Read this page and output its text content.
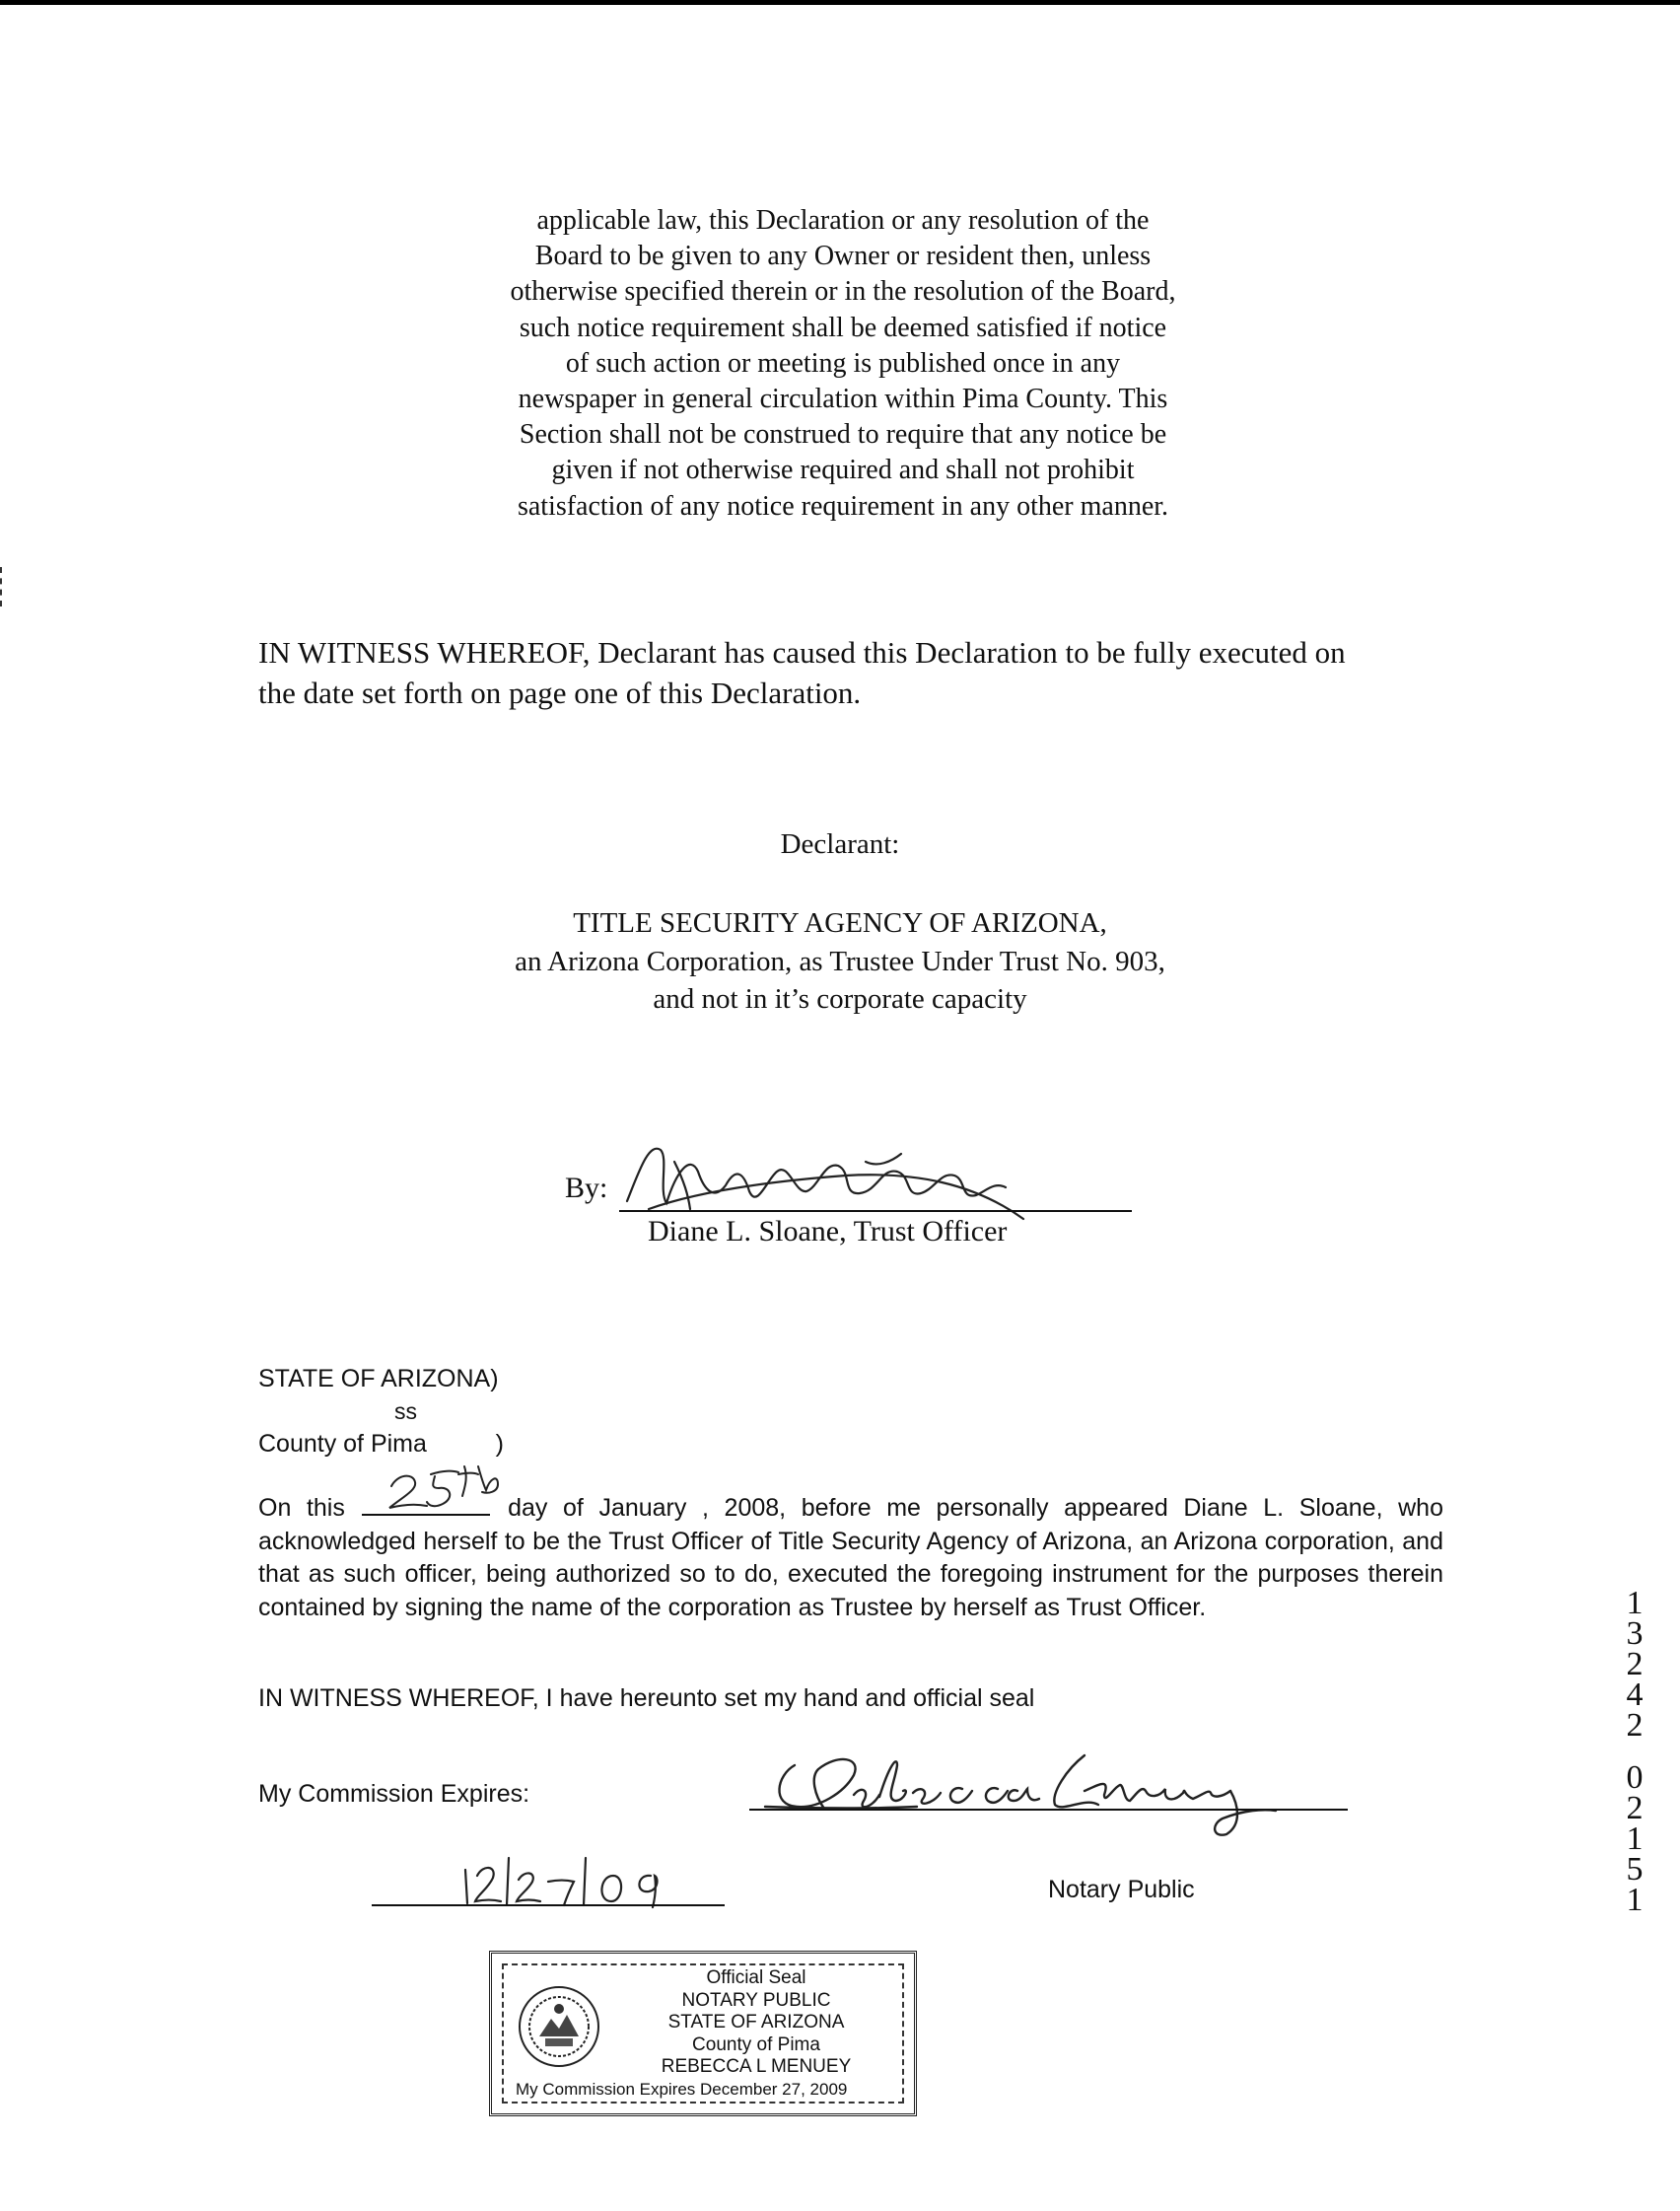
applicable law, this Declaration or any resolution of the
Board to be given to any Owner or resident then, unless
otherwise specified therein or in the resolution of the Board,
such notice requirement shall be deemed satisfied if notice
of such action or meeting is published once in any
newspaper in general circulation within Pima County. This
Section shall not be construed to require that any notice be
given if not otherwise required and shall not prohibit
satisfaction of any notice requirement in any other manner.
IN WITNESS WHEREOF, Declarant has caused this Declaration to be fully executed on
the date set forth on page one of this Declaration.
Declarant:
TITLE SECURITY AGENCY OF ARIZONA,
an Arizona Corporation, as Trustee Under Trust No. 903,
and not in it’s corporate capacity
By:
Diane L. Sloane, Trust Officer
STATE OF ARIZONA)
ss
County of Pima	)
On this	day of January , 2008, before me personally appeared Diane L. Sloane, who acknowledged herself to be the Trust Officer of Title Security Agency of Arizona, an Arizona corporation, and that as such officer, being authorized so to do, executed the foregoing instrument for the purposes therein contained by signing the name of the corporation as Trustee by herself as Trust Officer.
IN WITNESS WHEREOF, I have hereunto set my hand and official seal
My Commission Expires:
Notary Public
Official Seal
NOTARY PUBLIC
STATE OF ARIZONA
County of Pima
REBECCA L MENUEY
My Commission Expires December 27, 2009
1
3
2
4
2
0
2
1
5
1
